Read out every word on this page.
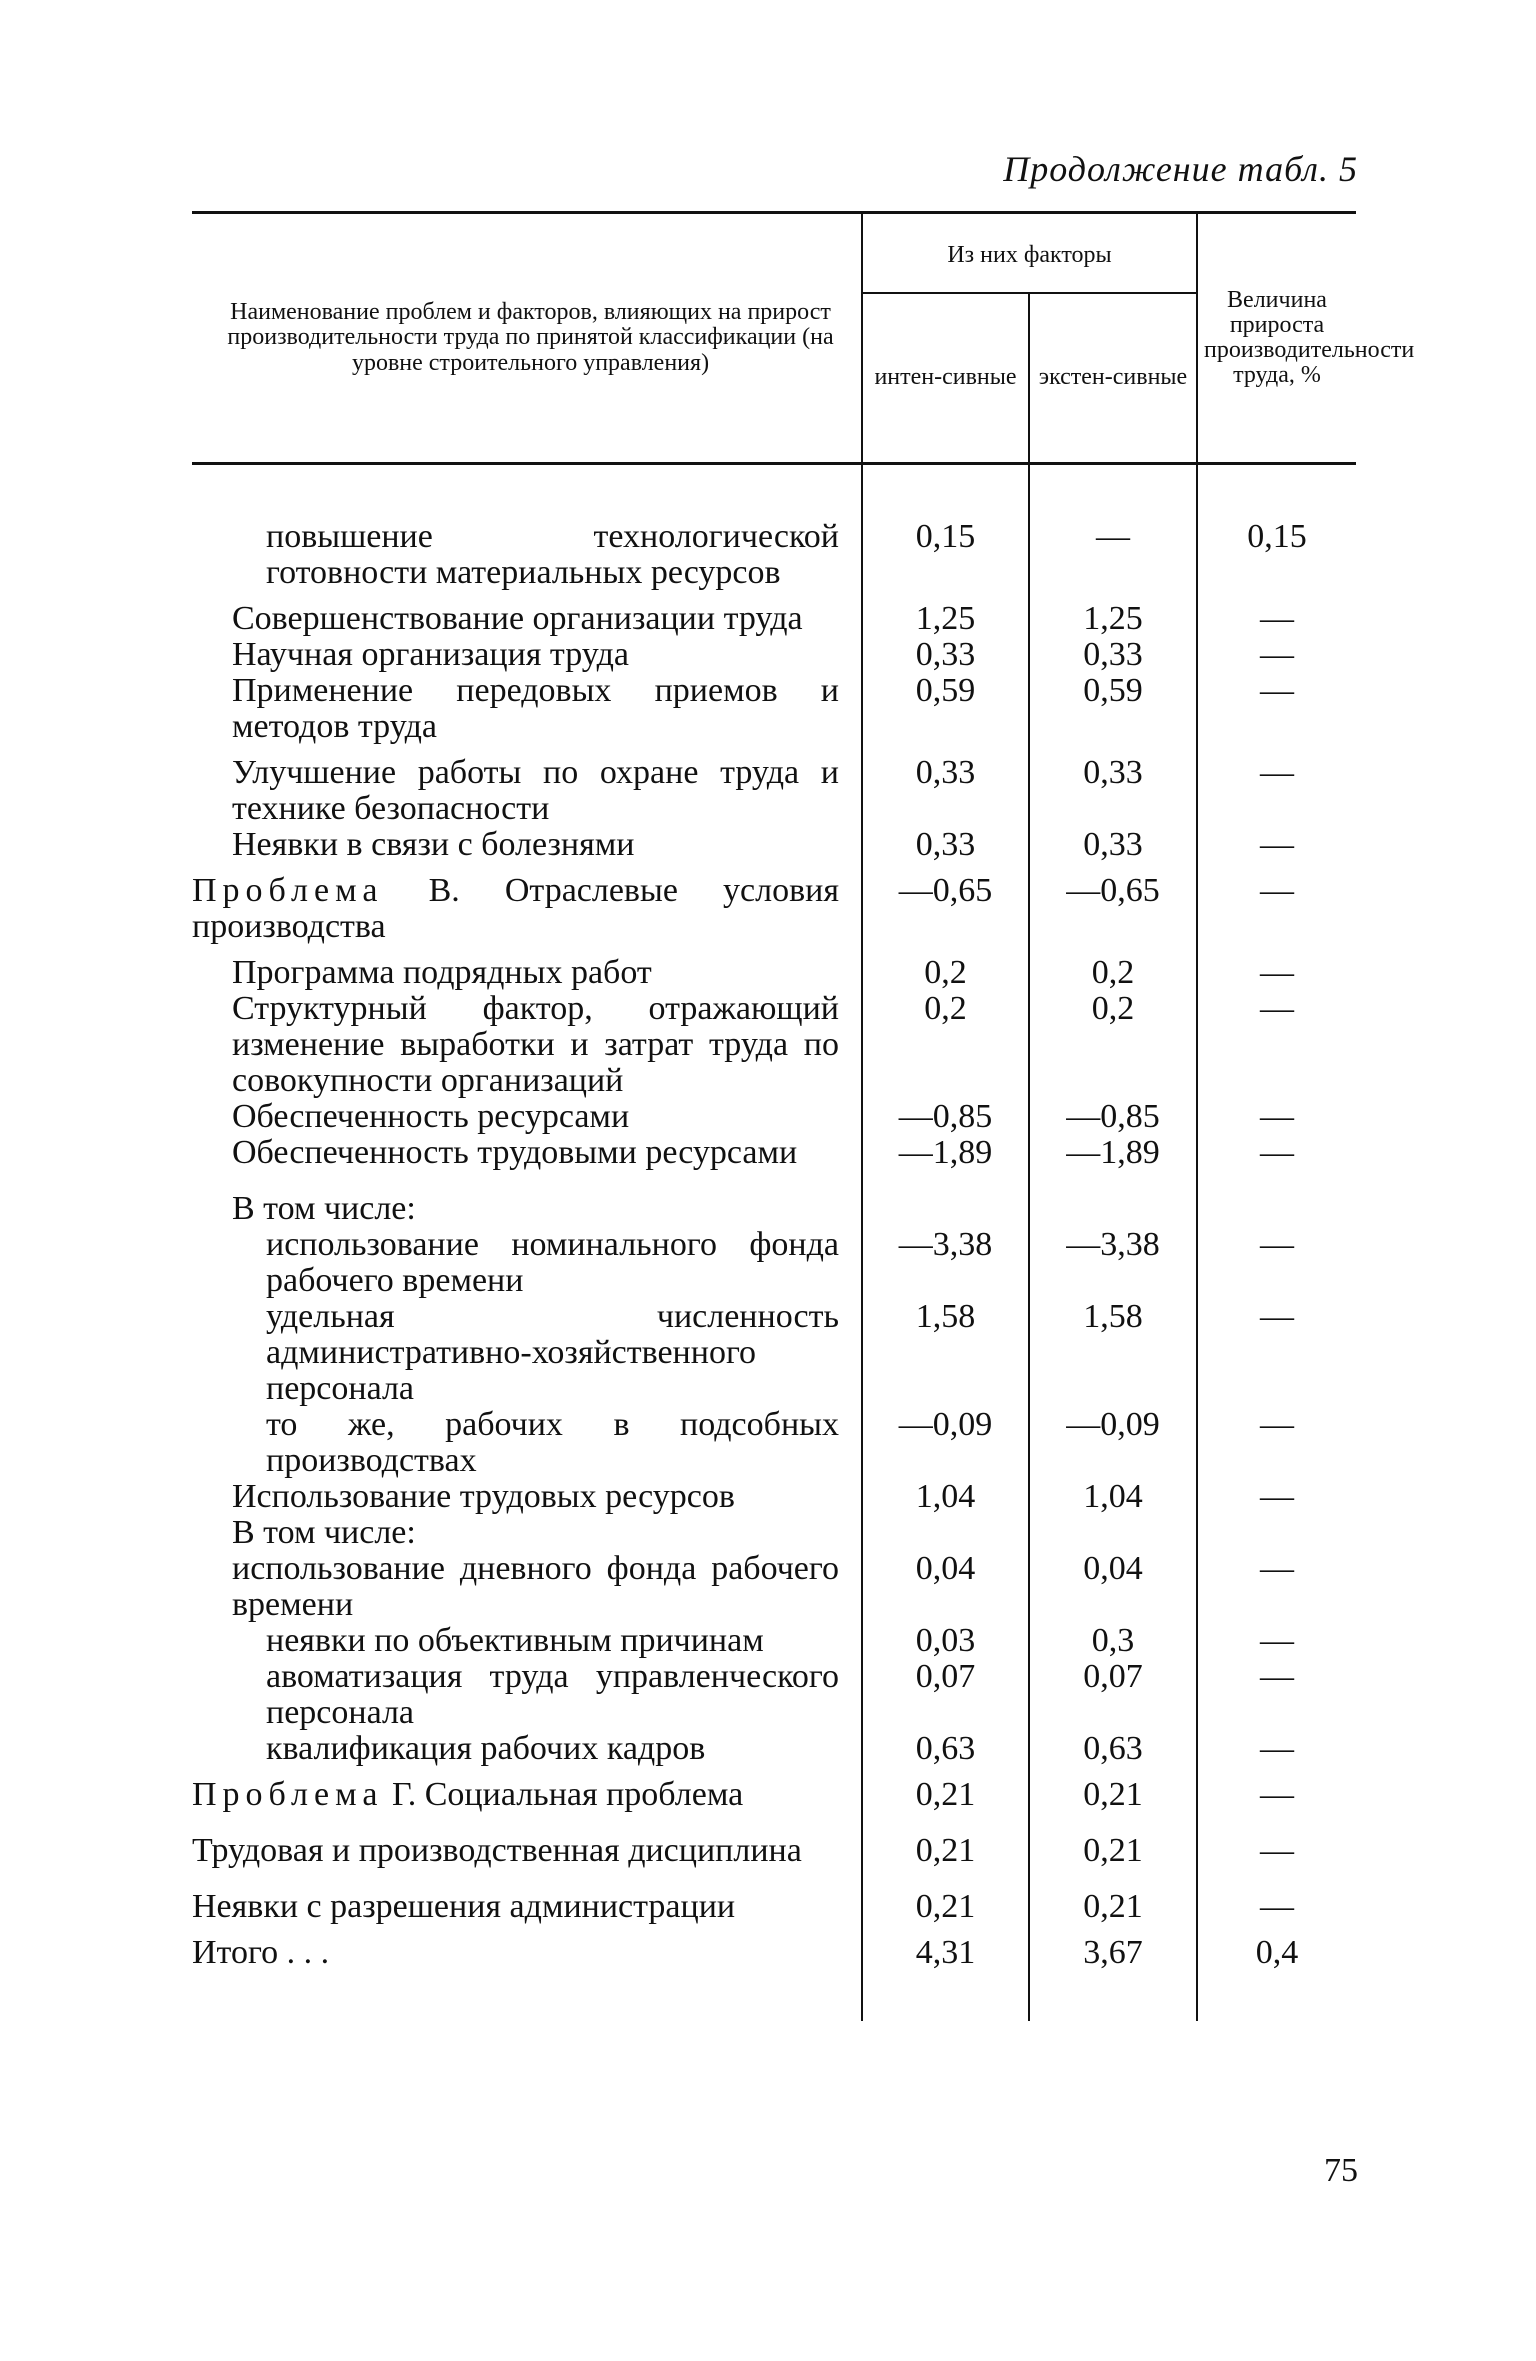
Продолжение табл. 5
Наименование проблем и факторов, влияющих на прирост производительности труда по принятой классификации (на уровне строительного управления)	Из них факторы		Величина прироста производительности труда, %
	интен-сивные	экстен-сивные	
повышение технологической готовности материальных ресурсов	0,15	—	0,15
Совершенствование организации труда	1,25	1,25	—
Научная организация труда	0,33	0,33	—
Применение передовых приемов и методов труда	0,59	0,59	—
Улучшение работы по охране труда и технике безопасности	0,33	0,33	—
Неявки в связи с болезнями	0,33	0,33	—
Проблема В. Отраслевые условия производства	—0,65	—0,65	—
Программа подрядных работ	0,2	0,2	—
Структурный фактор, отражающий изменение выработки и затрат труда по совокупности организаций	0,2	0,2	—
Обеспеченность ресурсами	—0,85	—0,85	—
Обеспеченность трудовыми ресурсами	—1,89	—1,89	—
В том числе:			
использование номинального фонда рабочего времени	—3,38	—3,38	—
удельная численность административно-хозяйственного персонала	1,58	1,58	—
то же, рабочих в подсобных производствах	—0,09	—0,09	—
Использование трудовых ресурсов	1,04	1,04	—
В том числе:			
использование дневного фонда рабочего времени	0,04	0,04	—
неявки по объективным причинам	0,03	0,3	—
авоматизация труда управленческого персонала	0,07	0,07	—
квалификация рабочих кадров	0,63	0,63	—
Проблема Г. Социальная проблема	0,21	0,21	—
Трудовая и производственная дисциплина	0,21	0,21	—
Неявки с разрешения администрации	0,21	0,21	—
Итого . . .	4,31	3,67	0,4
75
